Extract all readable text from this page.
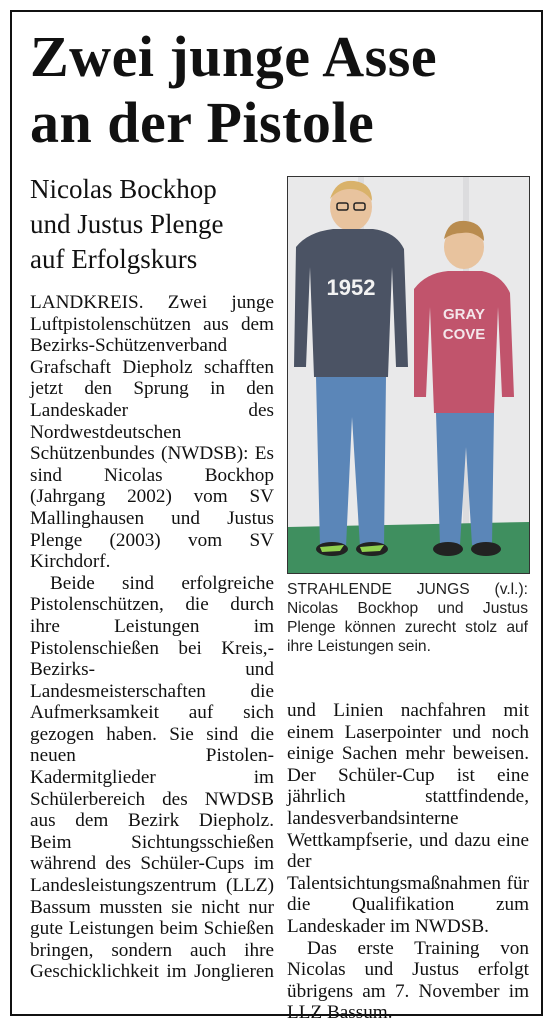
Zwei junge Asse
an der Pistole
Nicolas Bockhop
und Justus Plenge
auf Erfolgskurs
1952
GRAY
COVE

STRAHLENDE JUNGS (v.l.): Nicolas Bockhop und Justus Plenge können zurecht stolz auf ihre Leistungen sein.

LANDKREIS. Zwei junge Luftpistolenschützen aus dem Bezirks-Schützenverband Grafschaft Diepholz schafften jetzt den Sprung in den Landeskader des Nordwestdeutschen Schützenbundes (NWDSB): Es sind Nicolas Bockhop (Jahrgang 2002) vom SV Mallinghausen und Justus Plenge (2003) vom SV Kirchdorf.

Beide sind erfolgreiche Pistolenschützen, die durch ihre Leistungen im Pistolenschießen bei Kreis,- Bezirks- und Landesmeisterschaften die Aufmerksamkeit auf sich gezogen haben. Sie sind die neuen Pistolen-Kadermitglieder im Schülerbereich des NWDSB aus dem Bezirk Diepholz. Beim Sichtungsschießen während des Schüler-Cups im Landesleistungszentrum (LLZ) Bassum mussten sie nicht nur gute Leistungen beim Schießen bringen, sondern auch ihre Geschicklichkeit im Jonglieren

und Linien nachfahren mit einem Laserpointer und noch einige Sachen mehr beweisen. Der Schüler-Cup ist eine jährlich stattfindende, landesverbandsinterne Wettkampfserie, und dazu eine der Talentsichtungsmaßnahmen für die Qualifikation zum Landeskader im NWDSB.

Das erste Training von Nicolas und Justus erfolgt übrigens am 7. November im LLZ Bassum.
